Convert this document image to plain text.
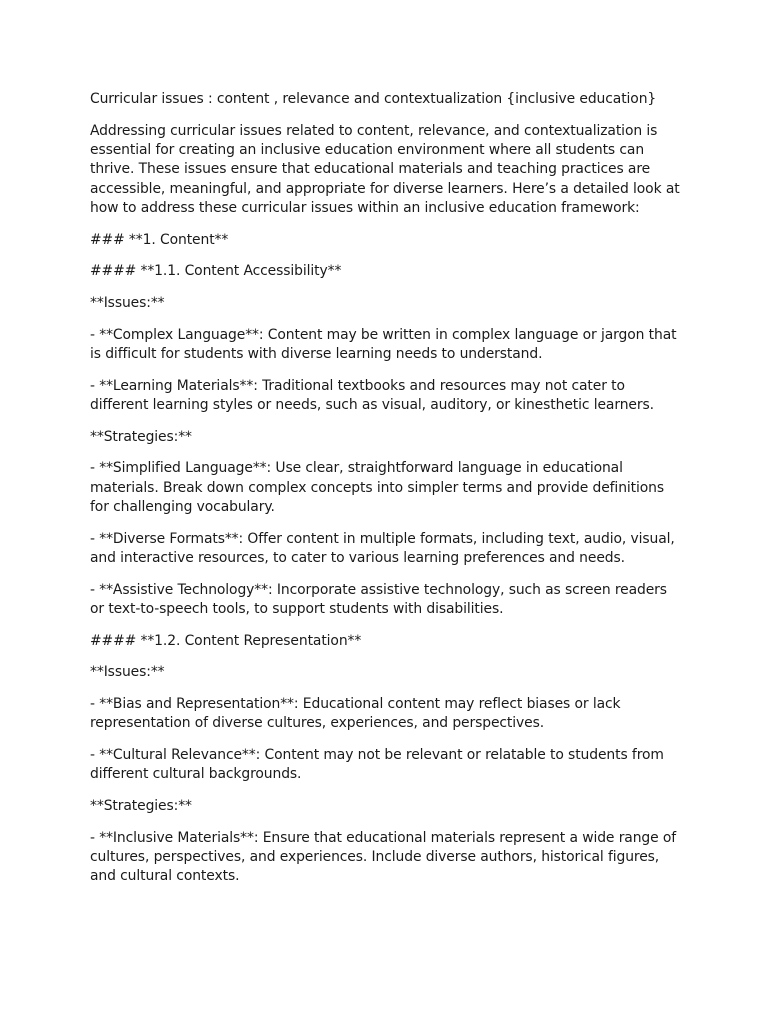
Curricular issues : content , relevance and contextualization {inclusive education}

Addressing curricular issues related to content, relevance, and contextualization is essential for creating an inclusive education environment where all students can thrive. These issues ensure that educational materials and teaching practices are accessible, meaningful, and appropriate for diverse learners. Here’s a detailed look at how to address these curricular issues within an inclusive education framework:

### **1. Content**

#### **1.1. Content Accessibility**

**Issues:**

- **Complex Language**: Content may be written in complex language or jargon that is difficult for students with diverse learning needs to understand.

- **Learning Materials**: Traditional textbooks and resources may not cater to different learning styles or needs, such as visual, auditory, or kinesthetic learners.

**Strategies:**

- **Simplified Language**: Use clear, straightforward language in educational materials. Break down complex concepts into simpler terms and provide definitions for challenging vocabulary.

- **Diverse Formats**: Offer content in multiple formats, including text, audio, visual, and interactive resources, to cater to various learning preferences and needs.

- **Assistive Technology**: Incorporate assistive technology, such as screen readers or text-to-speech tools, to support students with disabilities.

#### **1.2. Content Representation**

**Issues:**

- **Bias and Representation**: Educational content may reflect biases or lack representation of diverse cultures, experiences, and perspectives.

- **Cultural Relevance**: Content may not be relevant or relatable to students from different cultural backgrounds.

**Strategies:**

- **Inclusive Materials**: Ensure that educational materials represent a wide range of cultures, perspectives, and experiences. Include diverse authors, historical figures, and cultural contexts.
